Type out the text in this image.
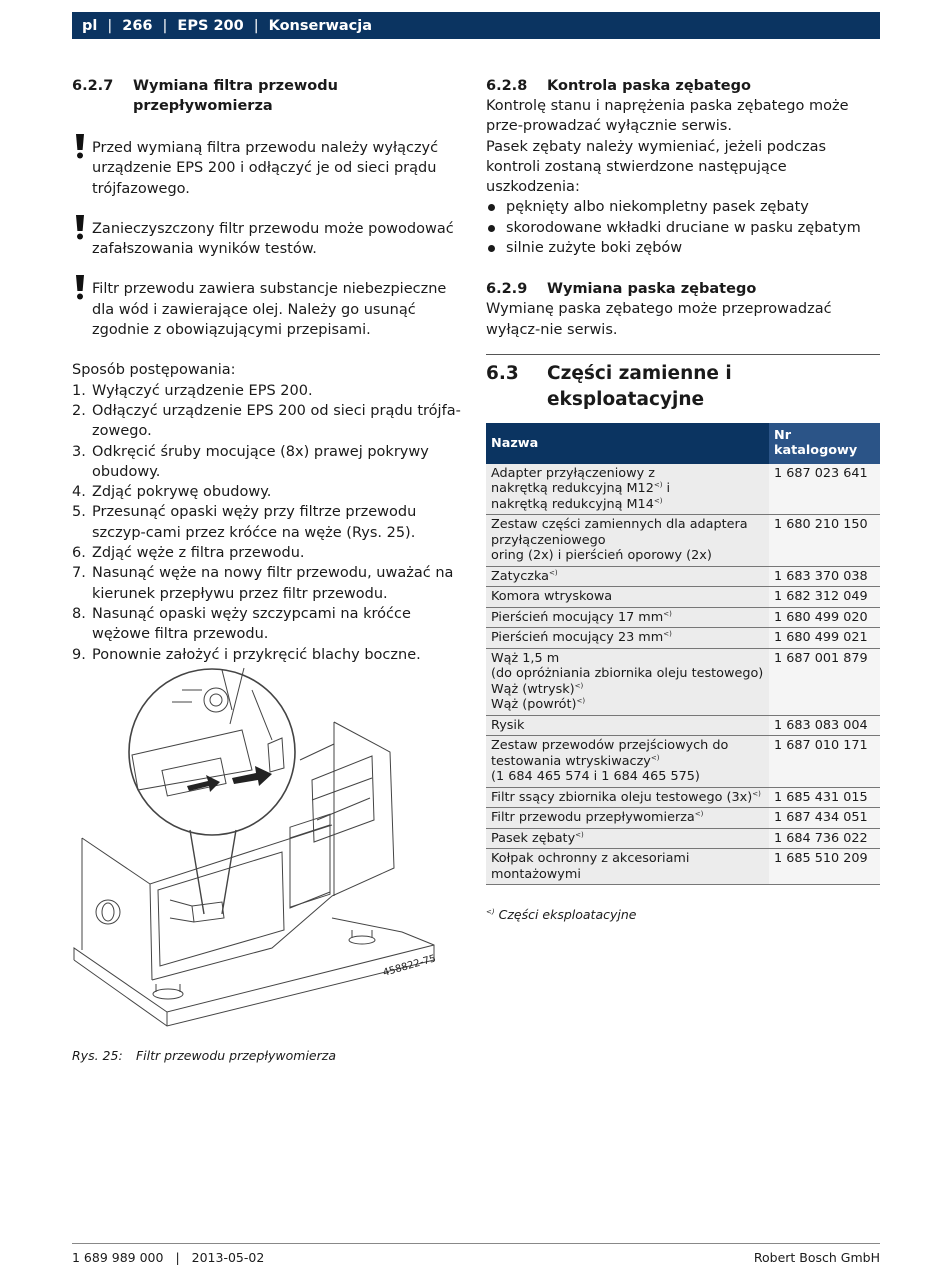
pl | 266 | EPS 200 | Konserwacja
6.2.7	Wymiana filtra przewodu przepływomierza

Przed wymianą filtra przewodu należy wyłączyć urządzenie EPS 200 i odłączyć je od sieci prądu trójfazowego.

Zanieczyszczony filtr przewodu może powodować zafałszowania wyników testów.

Filtr przewodu zawiera substancje niebezpieczne dla wód i zawierające olej. Należy go usunąć zgodnie z obowiązującymi przepisami.

Sposób postępowania:

1. Wyłączyć urządzenie EPS 200.
2. Odłączyć urządzenie EPS 200 od sieci prądu trójfa-zowego.
3. Odkręcić śruby mocujące (8x) prawej pokrywy obudowy.
4. Zdjąć pokrywę obudowy.
5. Przesunąć opaski węży przy filtrze przewodu szczyp-cami przez króćce na węże (Rys. 25).
6. Zdjąć węże z filtra przewodu.
7. Nasunąć węże na nowy filtr przewodu, uważać na kierunek przepływu przez filtr przewodu.
8. Nasunąć opaski węży szczypcami na króćce wężowe filtra przewodu.
9. Ponownie założyć i przykręcić blachy boczne.
458822-75
Rys. 25: Filtr przewodu przepływomierza
6.2.8	Kontrola paska zębatego

Kontrolę stanu i naprężenia paska zębatego może prze-prowadzać wyłącznie serwis.

Pasek zębaty należy wymieniać, jeżeli podczas kontroli zostaną stwierdzone następujące uszkodzenia:

pęknięty albo niekompletny pasek zębaty
skorodowane wkładki druciane w pasku zębatym
silnie zużyte boki zębów
6.2.9	Wymiana paska zębatego

Wymianę paska zębatego może przeprowadzać wyłącz-nie serwis.

6.3	Części zamienne i eksploatacyjne
Nazwa	Nr katalogowy
Adapter przyłączeniowy z
nakrętką redukcyjną M12<) i
nakrętką redukcyjną M14<)	1 687 023 641
Zestaw części zamiennych dla adaptera przyłączeniowego
oring (2x) i pierścień oporowy (2x)	1 680 210 150
Zatyczka<)	1 683 370 038
Komora wtryskowa	1 682 312 049
Pierścień mocujący 17 mm<)	1 680 499 020
Pierścień mocujący 23 mm<)	1 680 499 021
Wąż 1,5 m
(do opróżniania zbiornika oleju testowego)
Wąż (wtrysk)<)
Wąż (powrót)<)	1 687 001 879
Rysik	1 683 083 004
Zestaw przewodów przejściowych do testowania wtryskiwaczy<)
(1 684 465 574 i 1 684 465 575)	1 687 010 171
Filtr ssący zbiornika oleju testowego (3x)<)	1 685 431 015
Filtr przewodu przepływomierza<)	1 687 434 051
Pasek zębaty<)	1 684 736 022
Kołpak ochronny z akcesoriami montażowymi	1 685 510 209

<) Części eksploatacyjne

1 689 989 000 | 2013-05-02	Robert Bosch GmbH
